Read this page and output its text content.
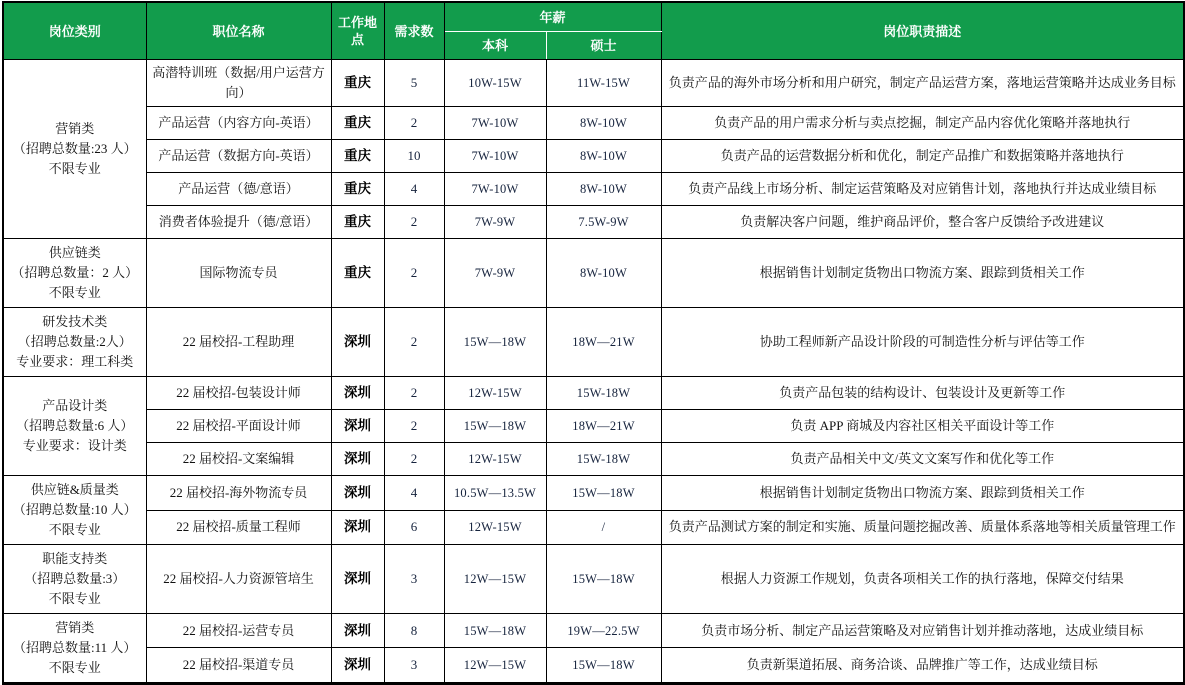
岗位类别	职位名称	工作地点	需求数	年薪		岗位职责描述
				本科	硕士	

营销类
（招聘总数量:23 人）
不限专业	高潜特训班（数据/用户运营方向）	重庆	5	10W-15W	11W-15W	负责产品的海外市场分析和用户研究，制定产品运营方案，落地运营策略并达成业务目标
	产品运营（内容方向-英语）	重庆	2	7W-10W	8W-10W	负责产品的用户需求分析与卖点挖掘，制定产品内容优化策略并落地执行
	产品运营（数据方向-英语）	重庆	10	7W-10W	8W-10W	负责产品的运营数据分析和优化，制定产品推广和数据策略并落地执行
	产品运营（德/意语）	重庆	4	7W-10W	8W-10W	负责产品线上市场分析、制定运营策略及对应销售计划，落地执行并达成业绩目标
	消费者体验提升（德/意语）	重庆	2	7W-9W	7.5W-9W	负责解决客户问题，维护商品评价，整合客户反馈给予改进建议

供应链类
（招聘总数量：2 人）
不限专业	国际物流专员	重庆	2	7W-9W	8W-10W	根据销售计划制定货物出口物流方案、跟踪到货相关工作

研发技术类
（招聘总数量:2人）
专业要求：理工科类	22 届校招-工程助理	深圳	2	15W—18W	18W—21W	协助工程师新产品设计阶段的可制造性分析与评估等工作

产品设计类
（招聘总数量:6 人）
专业要求：设计类	22 届校招-包装设计师	深圳	2	12W-15W	15W-18W	负责产品包装的结构设计、包装设计及更新等工作
	22 届校招-平面设计师	深圳	2	15W—18W	18W—21W	负责 APP 商城及内容社区相关平面设计等工作
	22 届校招-文案编辑	深圳	2	12W-15W	15W-18W	负责产品相关中文/英文文案写作和优化等工作

供应链&质量类
（招聘总数量:10 人）
不限专业	22 届校招-海外物流专员	深圳	4	10.5W—13.5W	15W—18W	根据销售计划制定货物出口物流方案、跟踪到货相关工作
	22 届校招-质量工程师	深圳	6	12W-15W	/	负责产品测试方案的制定和实施、质量问题挖掘改善、质量体系落地等相关质量管理工作

职能支持类
（招聘总数量:3）
不限专业	22 届校招-人力资源管培生	深圳	3	12W—15W	15W—18W	根据人力资源工作规划，负责各项相关工作的执行落地，保障交付结果

营销类
（招聘总数量:11 人）
不限专业	22 届校招-运营专员	深圳	8	15W—18W	19W—22.5W	负责市场分析、制定产品运营策略及对应销售计划并推动落地，达成业绩目标
	22 届校招-渠道专员	深圳	3	12W—15W	15W—18W	负责新渠道拓展、商务洽谈、品牌推广等工作，达成业绩目标
